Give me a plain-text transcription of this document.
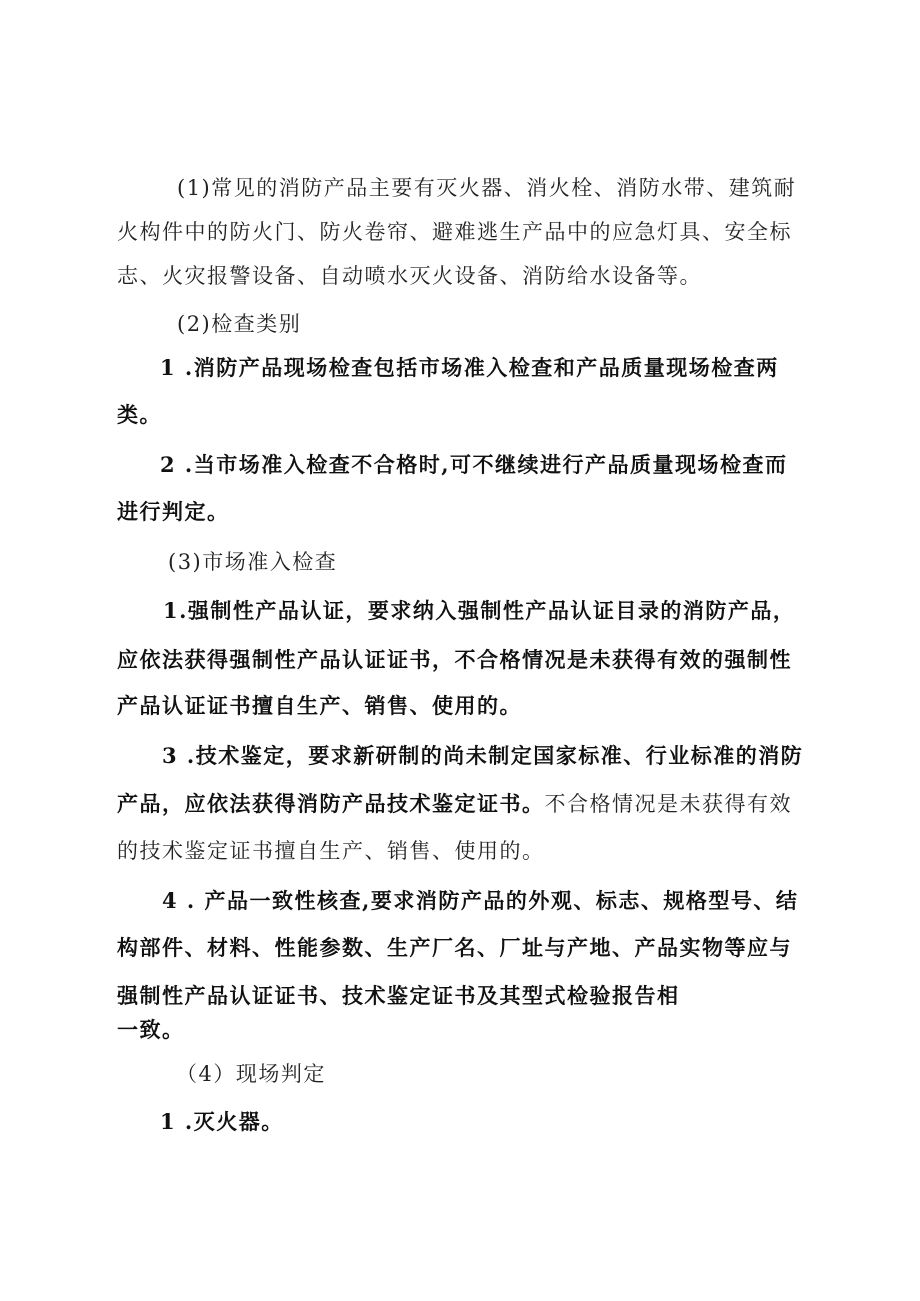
(1)常见的消防产品主要有灭火器、消火栓、消防水带、建筑耐
火构件中的防火门、防火卷帘、避难逃生产品中的应急灯具、安全标
志、火灾报警设备、自动喷水灭火设备、消防给水设备等。
(2)检查类别
1 .消防产品现场检查包括市场准入检查和产品质量现场检查两
类。
2 .当市场准入检查不合格时,可不继续进行产品质量现场检查而
进行判定。
(3)市场准入检查
1.强制性产品认证，要求纳入强制性产品认证目录的消防产品，
应依法获得强制性产品认证证书，不合格情况是未获得有效的强制性
产品认证证书擅自生产、销售、使用的。
3 .技术鉴定，要求新研制的尚未制定国家标准、行业标准的消防
产品，应依法获得消防产品技术鉴定证书。不合格情况是未获得有效
的技术鉴定证书擅自生产、销售、使用的。
4 . 产品一致性核查,要求消防产品的外观、标志、规格型号、结
构部件、材料、性能参数、生产厂名、厂址与产地、产品实物等应与
强制性产品认证证书、技术鉴定证书及其型式检验报告相
一致。
（4）现场判定
1 .灭火器。
